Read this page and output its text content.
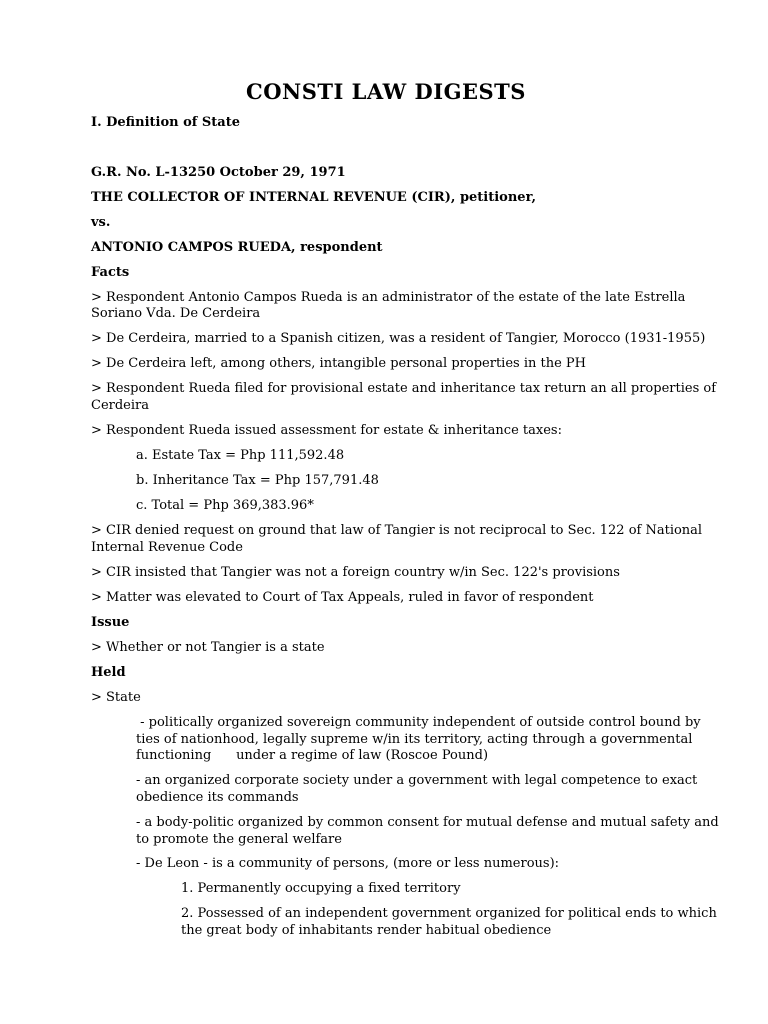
CONSTI LAW DIGESTS
I. Definition of State
G.R. No. L-13250 October 29, 1971
THE COLLECTOR OF INTERNAL REVENUE (CIR), petitioner,
vs.
ANTONIO CAMPOS RUEDA, respondent
Facts
> Respondent Antonio Campos Rueda is an administrator of the estate of the late Estrella
Soriano Vda. De Cerdeira
> De Cerdeira, married to a Spanish citizen, was a resident of Tangier, Morocco (1931-1955)
> De Cerdeira left, among others, intangible personal properties in the PH
> Respondent Rueda filed for provisional estate and inheritance tax return an all properties of
Cerdeira
> Respondent Rueda issued assessment for estate & inheritance taxes:
a. Estate Tax = Php 111,592.48
b. Inheritance Tax = Php 157,791.48
c. Total = Php 369,383.96*
> CIR denied request on ground that law of Tangier is not reciprocal to Sec. 122 of National
Internal Revenue Code
> CIR insisted that Tangier was not a foreign country w/in Sec. 122's provisions
> Matter was elevated to Court of Tax Appeals, ruled in favor of respondent
Issue
> Whether or not Tangier is a state
Held
> State
- politically organized sovereign community independent of outside control bound by
ties of nationhood, legally supreme w/in its territory, acting through a governmental
functioning      under a regime of law (Roscoe Pound)
- an organized corporate society under a government with legal competence to exact
obedience its commands
- a body-politic organized by common consent for mutual defense and mutual safety and
to promote the general welfare
- De Leon - is a community of persons, (more or less numerous):
1. Permanently occupying a fixed territory
2. Possessed of an independent government organized for political ends to which
the great body of inhabitants render habitual obedience
